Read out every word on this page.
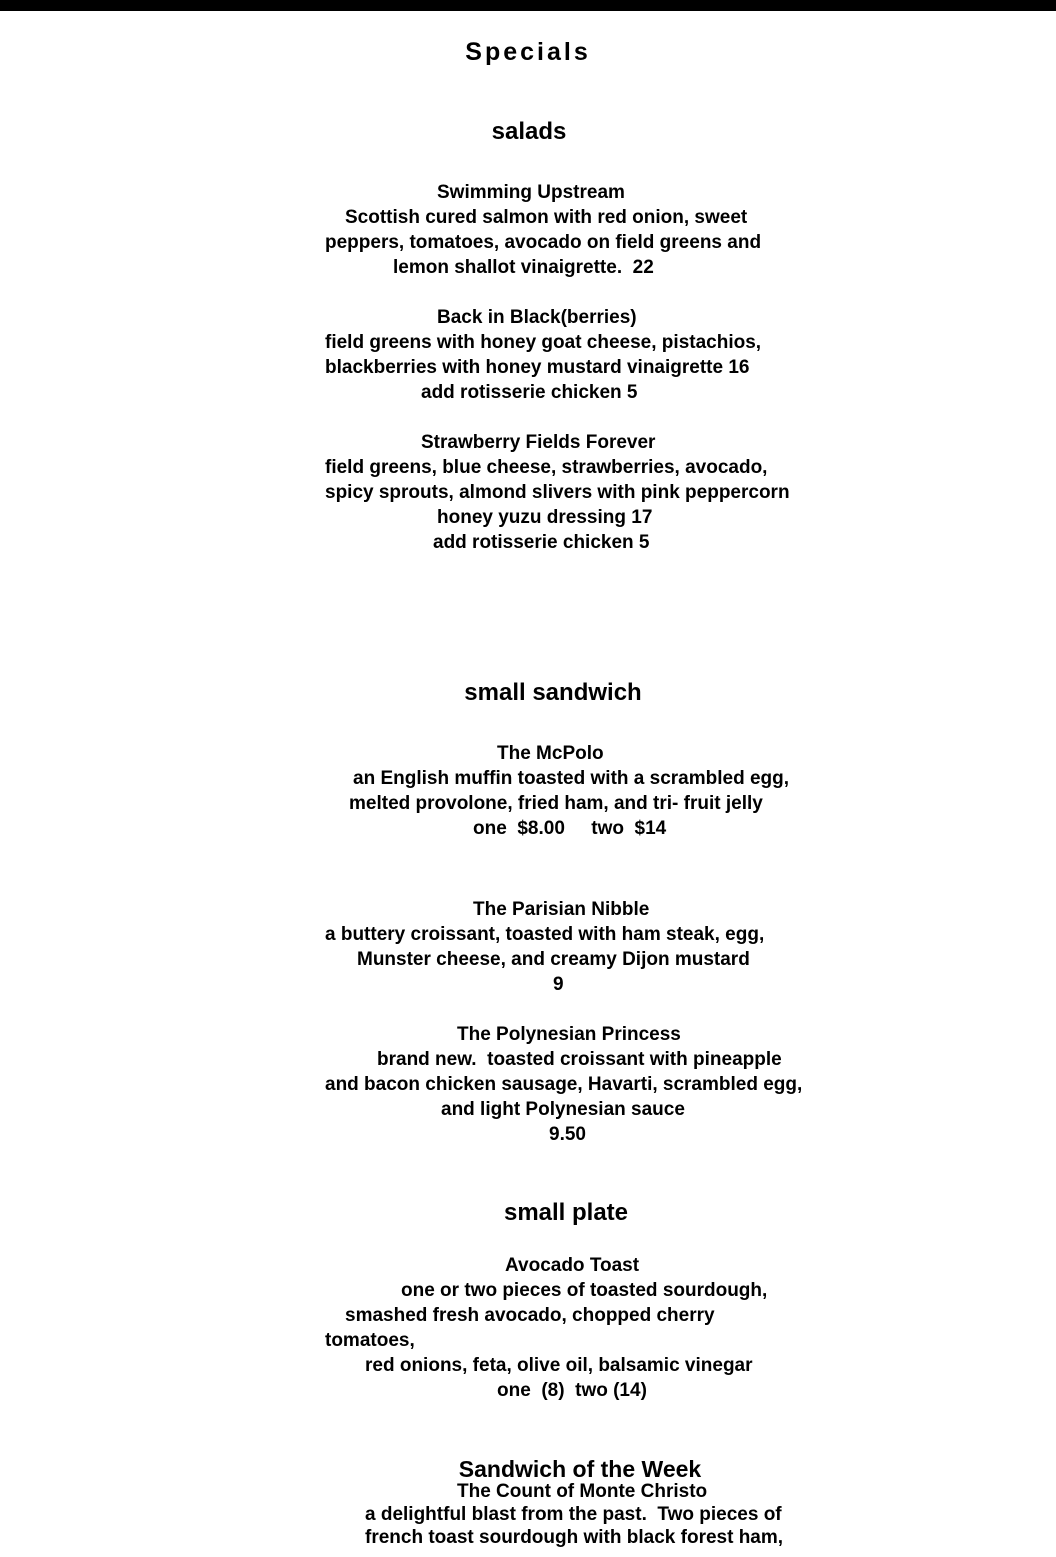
Specials
salads
Swimming Upstream
Scottish cured salmon with red onion, sweet
peppers, tomatoes, avocado on field greens and
lemon shallot vinaigrette.  22
Back in Black(berries)
field greens with honey goat cheese, pistachios,
blackberries with honey mustard vinaigrette 16
add rotisserie chicken 5
Strawberry Fields Forever
field greens, blue cheese, strawberries, avocado,
spicy sprouts, almond slivers with pink peppercorn
honey yuzu dressing 17
add rotisserie chicken 5
small sandwich
The McPolo
an English muffin toasted with a scrambled egg,
melted provolone, fried ham, and tri- fruit jelly
one  $8.00     two  $14
The Parisian Nibble
a buttery croissant, toasted with ham steak, egg,
Munster cheese, and creamy Dijon mustard
9
The Polynesian Princess
brand new.  toasted croissant with pineapple
and bacon chicken sausage, Havarti, scrambled egg,
and light Polynesian sauce
9.50
small plate
Avocado Toast
one or two pieces of toasted sourdough,
smashed fresh avocado, chopped cherry
tomatoes,
red onions, feta, olive oil, balsamic vinegar
one  (8)  two (14)
Sandwich of the Week
The Count of Monte Christo
a delightful blast from the past.  Two pieces of
french toast sourdough with black forest ham,
